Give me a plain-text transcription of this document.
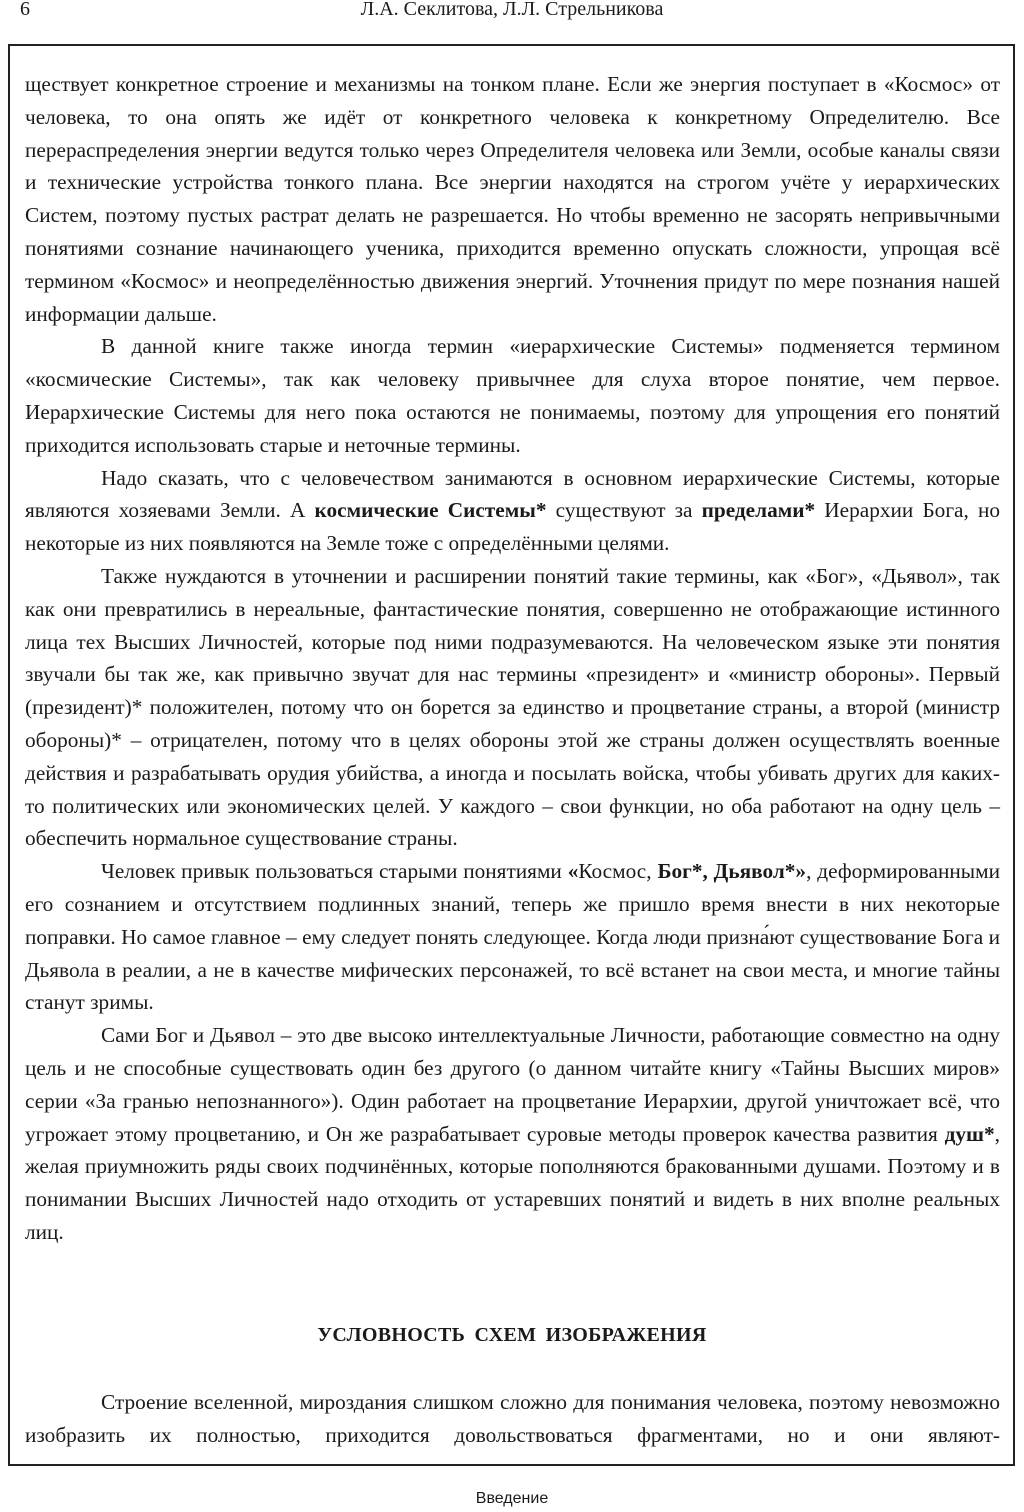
6	Л.А. Секлитова, Л.Л. Стрельникова

ществует конкретное строение и механизмы на тонком плане. Если же энергия поступает в «Космос» от человека, то она опять же идёт от конкретного человека к конкретному Определителю. Все перераспределения энергии ведутся только через Определителя человека или Земли, особые каналы связи и технические устройства тонкого плана. Все энергии находятся на строгом учёте у иерархических Систем, поэтому пустых растрат делать не разрешается. Но чтобы временно не засорять непривычными понятиями сознание начинающего ученика, приходится временно опускать сложности, упрощая всё термином «Космос» и неопределённостью движения энергий. Уточнения придут по мере познания нашей информации дальше.

В данной книге также иногда термин «иерархические Системы» подменяется термином «космические Системы», так как человеку привычнее для слуха второе понятие, чем первое. Иерархические Системы для него пока остаются не понимаемы, поэтому для упрощения его понятий приходится использовать старые и неточные термины.

Надо сказать, что с человечеством занимаются в основном иерархические Системы, которые являются хозяевами Земли. А космические Системы* существуют за пределами* Иерархии Бога, но некоторые из них появляются на Земле тоже с определёнными целями.

Также нуждаются в уточнении и расширении понятий такие термины, как «Бог», «Дьявол», так как они превратились в нереальные, фантастические понятия, совершенно не отображающие истинного лица тех Высших Личностей, которые под ними подразумеваются. На человеческом языке эти понятия звучали бы так же, как привычно звучат для нас термины «президент» и «министр обороны». Первый (президент)* положителен, потому что он борется за единство и процветание страны, а второй (министр обороны)* – отрицателен, потому что в целях обороны этой же страны должен осуществлять военные действия и разрабатывать орудия убийства, а иногда и посылать войска, чтобы убивать других для каких-то политических или экономических целей. У каждого – свои функции, но оба работают на одну цель – обеспечить нормальное существование страны.

Человек привык пользоваться старыми понятиями «Космос, Бог*, Дьявол*», деформированными его сознанием и отсутствием подлинных знаний, теперь же пришло время внести в них некоторые поправки. Но самое главное – ему следует понять следующее. Когда люди призна́ют существование Бога и Дьявола в реалии, а не в качестве мифических персонажей, то всё встанет на свои места, и многие тайны станут зримы.

Сами Бог и Дьявол – это две высоко интеллектуальные Личности, работающие совместно на одну цель и не способные существовать один без другого (о данном читайте книгу «Тайны Высших миров» серии «За гранью непознанного»). Один работает на процветание Иерархии, другой уничтожает всё, что угрожает этому процветанию, и Он же разрабатывает суровые методы проверок качества развития душ*, желая приумножить ряды своих подчинённых, которые пополняются бракованными душами. Поэтому и в понимании Высших Личностей надо отходить от устаревших понятий и видеть в них вполне реальных лиц.

УСЛОВНОСТЬ СХЕМ ИЗОБРАЖЕНИЯ

Строение вселенной, мироздания слишком сложно для понимания человека, поэтому невозможно изобразить их полностью, приходится довольствоваться фрагментами, но и они являют-

Введение
